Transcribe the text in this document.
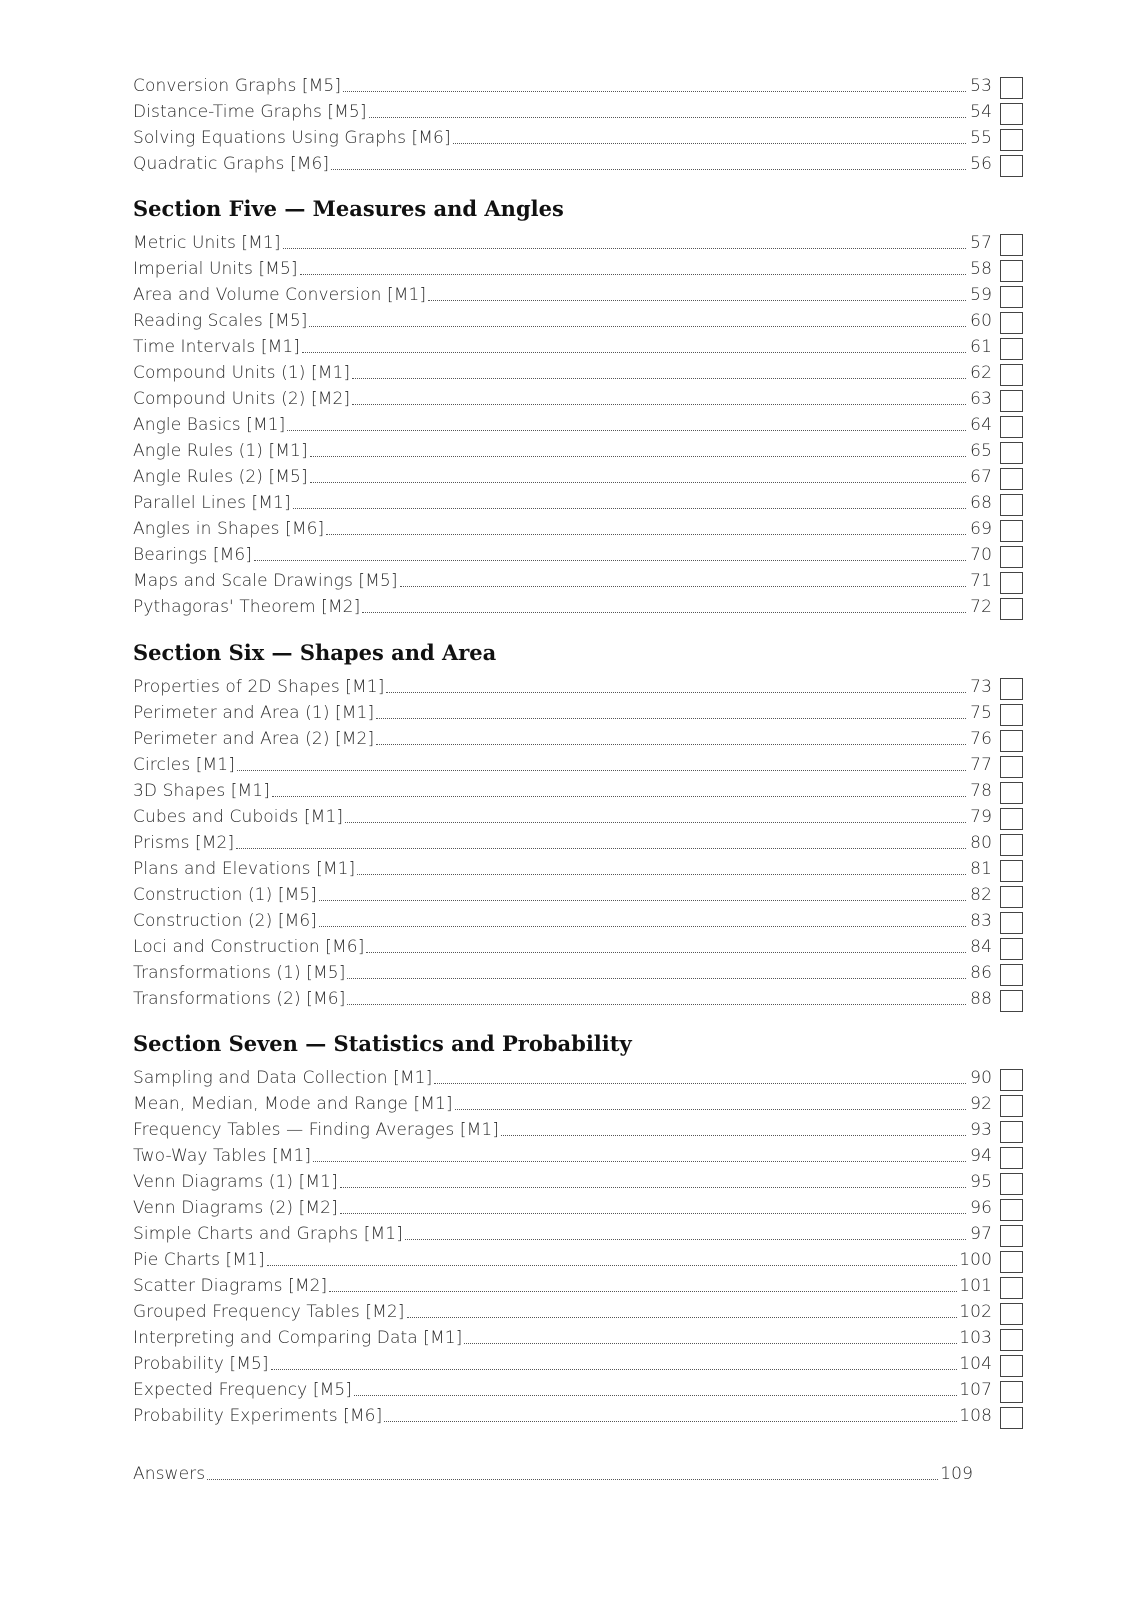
Conversion Graphs [M5]	53
Distance-Time Graphs [M5]	54
Solving Equations Using Graphs [M6]	55
Quadratic Graphs [M6]	56
Section Five — Measures and Angles
Metric Units [M1]	57
Imperial Units [M5]	58
Area and Volume Conversion [M1]	59
Reading Scales [M5]	60
Time Intervals [M1]	61
Compound Units (1) [M1]	62
Compound Units (2) [M2]	63
Angle Basics [M1]	64
Angle Rules (1) [M1]	65
Angle Rules (2) [M5]	67
Parallel Lines [M1]	68
Angles in Shapes [M6]	69
Bearings [M6]	70
Maps and Scale Drawings [M5]	71
Pythagoras' Theorem [M2]	72
Section Six — Shapes and Area
Properties of 2D Shapes [M1]	73
Perimeter and Area (1) [M1]	75
Perimeter and Area (2) [M2]	76
Circles [M1]	77
3D Shapes [M1]	78
Cubes and Cuboids [M1]	79
Prisms [M2]	80
Plans and Elevations [M1]	81
Construction (1) [M5]	82
Construction (2) [M6]	83
Loci and Construction [M6]	84
Transformations (1) [M5]	86
Transformations (2) [M6]	88
Section Seven — Statistics and Probability
Sampling and Data Collection [M1]	90
Mean, Median, Mode and Range [M1]	92
Frequency Tables — Finding Averages [M1]	93
Two-Way Tables [M1]	94
Venn Diagrams (1) [M1]	95
Venn Diagrams (2) [M2]	96
Simple Charts and Graphs [M1]	97
Pie Charts [M1]	100
Scatter Diagrams [M2]	101
Grouped Frequency Tables [M2]	102
Interpreting and Comparing Data [M1]	103
Probability [M5]	104
Expected Frequency [M5]	107
Probability Experiments [M6]	108
Answers	109
